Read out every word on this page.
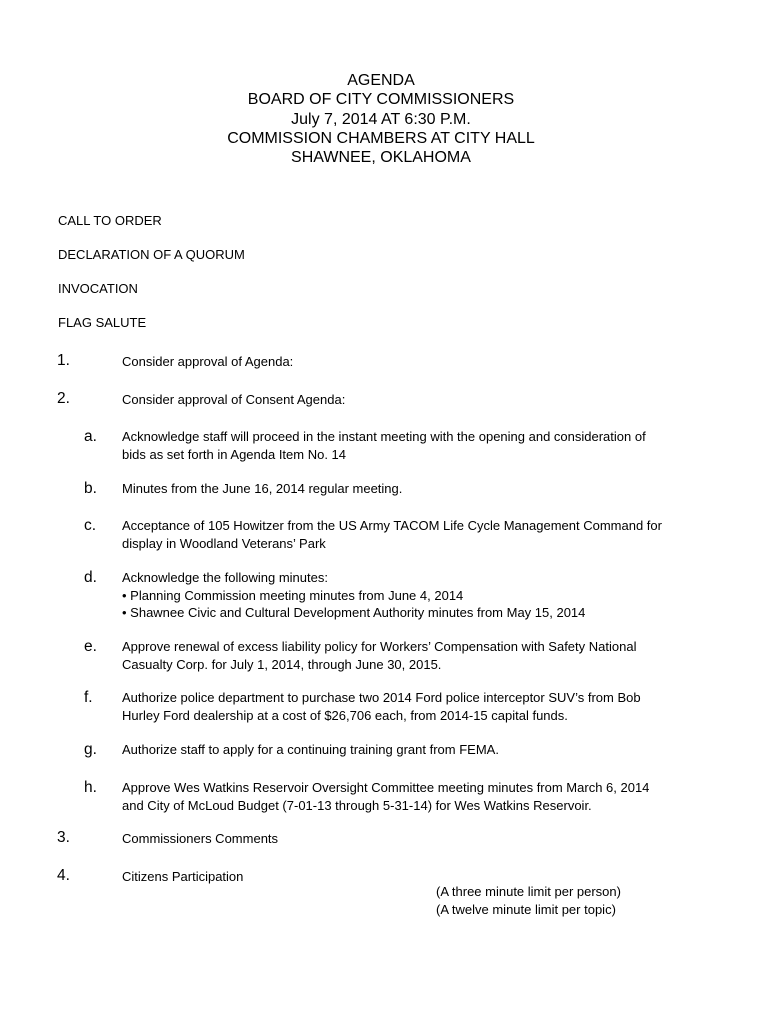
AGENDA
BOARD OF CITY COMMISSIONERS
July 7, 2014 AT 6:30 P.M.
COMMISSION CHAMBERS AT CITY HALL
SHAWNEE, OKLAHOMA
CALL TO ORDER
DECLARATION OF A QUORUM
INVOCATION
FLAG SALUTE
1.	Consider approval of Agenda:
2.	Consider approval of Consent Agenda:
a. Acknowledge staff will proceed in the instant meeting with the opening and consideration of
bids as set forth in Agenda Item No. 14
b. Minutes from the June 16, 2014 regular meeting.
c. Acceptance of 105 Howitzer from the US Army TACOM Life Cycle Management Command for
display in Woodland Veterans’ Park
d. Acknowledge the following minutes:
• Planning Commission meeting minutes from June 4, 2014
• Shawnee Civic and Cultural Development Authority minutes from May 15, 2014
e. Approve renewal of excess liability policy for Workers’ Compensation with Safety National
Casualty Corp. for July 1, 2014, through June 30, 2015.
f. Authorize police department to purchase two 2014 Ford police interceptor SUV’s from Bob
Hurley Ford dealership at a cost of $26,706 each, from 2014-15 capital funds.
g. Authorize staff to apply for a continuing training grant from FEMA.
h. Approve Wes Watkins Reservoir Oversight Committee meeting minutes from March 6, 2014
and City of McLoud Budget (7-01-13 through 5-31-14) for Wes Watkins Reservoir.
3.	Commissioners Comments
4.	Citizens Participation
(A three minute limit per person)
(A twelve minute limit per topic)
